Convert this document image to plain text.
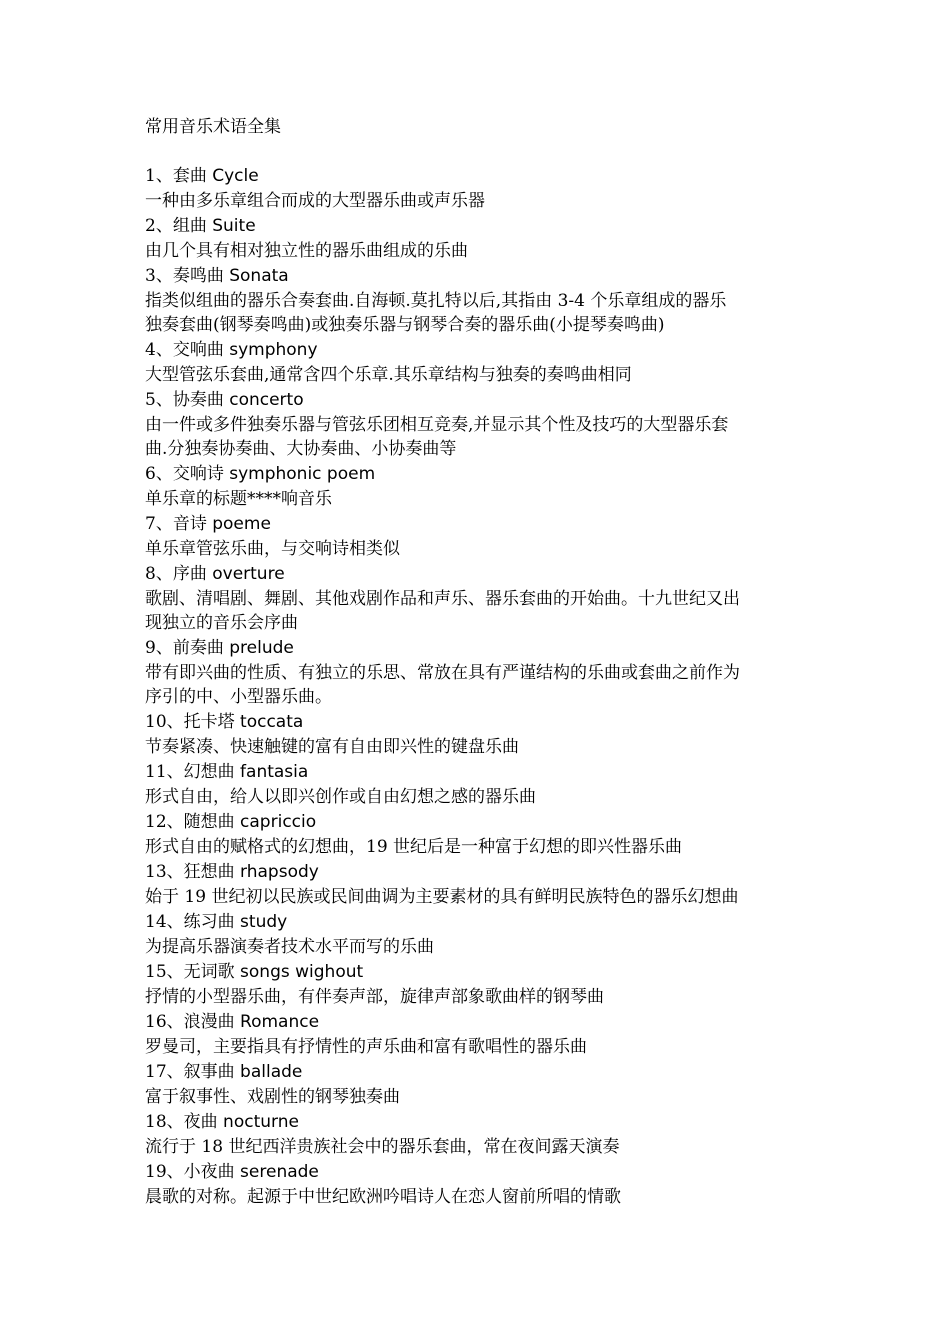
常用音乐术语全集
1、套曲 Cycle
一种由多乐章组合而成的大型器乐曲或声乐器
2、组曲 Suite
由几个具有相对独立性的器乐曲组成的乐曲
3、奏鸣曲 Sonata
指类似组曲的器乐合奏套曲.自海顿.莫扎特以后,其指由 3-4 个乐章组成的器乐
独奏套曲(钢琴奏鸣曲)或独奏乐器与钢琴合奏的器乐曲(小提琴奏鸣曲)
4、交响曲 symphony
大型管弦乐套曲,通常含四个乐章.其乐章结构与独奏的奏鸣曲相同
5、协奏曲 concerto
由一件或多件独奏乐器与管弦乐团相互竞奏,并显示其个性及技巧的大型器乐套
曲.分独奏协奏曲、大协奏曲、小协奏曲等
6、交响诗 symphonic poem
单乐章的标题****响音乐
7、音诗 poeme
单乐章管弦乐曲，与交响诗相类似
8、序曲 overture
歌剧、清唱剧、舞剧、其他戏剧作品和声乐、器乐套曲的开始曲。十九世纪又出
现独立的音乐会序曲
9、前奏曲 prelude
带有即兴曲的性质、有独立的乐思、常放在具有严谨结构的乐曲或套曲之前作为
序引的中、小型器乐曲。
10、托卡塔 toccata
节奏紧凑、快速触键的富有自由即兴性的键盘乐曲
11、幻想曲 fantasia
形式自由，给人以即兴创作或自由幻想之感的器乐曲
12、随想曲 capriccio
形式自由的赋格式的幻想曲，19 世纪后是一种富于幻想的即兴性器乐曲
13、狂想曲 rhapsody
始于 19 世纪初以民族或民间曲调为主要素材的具有鲜明民族特色的器乐幻想曲
14、练习曲 study
为提高乐器演奏者技术水平而写的乐曲
15、无词歌 songs wighout
抒情的小型器乐曲，有伴奏声部，旋律声部象歌曲样的钢琴曲
16、浪漫曲 Romance
罗曼司，主要指具有抒情性的声乐曲和富有歌唱性的器乐曲
17、叙事曲 ballade
富于叙事性、戏剧性的钢琴独奏曲
18、夜曲 nocturne
流行于 18 世纪西洋贵族社会中的器乐套曲，常在夜间露天演奏
19、小夜曲 serenade
晨歌的对称。起源于中世纪欧洲吟唱诗人在恋人窗前所唱的情歌
